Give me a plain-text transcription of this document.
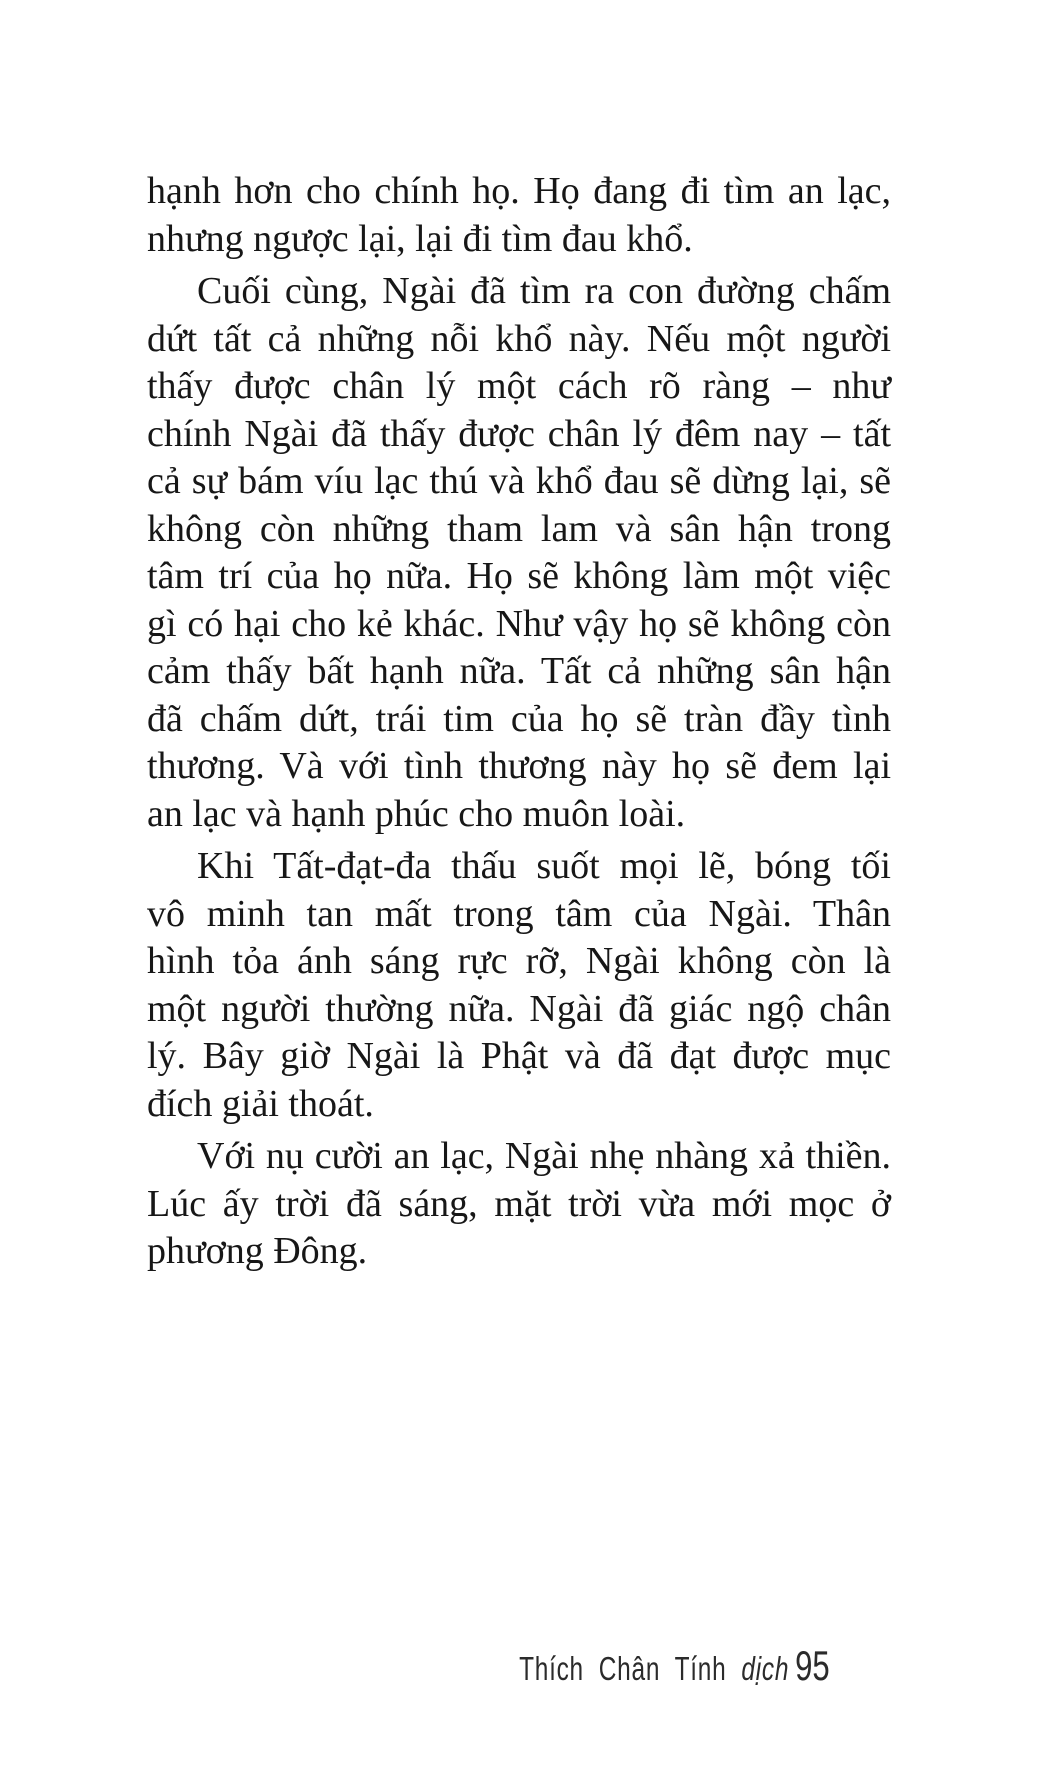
hạnh hơn cho chính họ. Họ đang đi tìm an lạc,
nhưng ngược lại, lại đi tìm đau khổ.
Cuối cùng, Ngài đã tìm ra con đường chấm
dứt tất cả những nỗi khổ này. Nếu một người
thấy được chân lý một cách rõ ràng – như
chính Ngài đã thấy được chân lý đêm nay – tất
cả sự bám víu lạc thú và khổ đau sẽ dừng lại, sẽ
không còn những tham lam và sân hận trong
tâm trí của họ nữa. Họ sẽ không làm một việc
gì có hại cho kẻ khác. Như vậy họ sẽ không còn
cảm thấy bất hạnh nữa. Tất cả những sân hận
đã chấm dứt, trái tim của họ sẽ tràn đầy tình
thương. Và với tình thương này họ sẽ đem lại
an lạc và hạnh phúc cho muôn loài.
Khi Tất-đạt-đa thấu suốt mọi lẽ, bóng tối
vô minh tan mất trong tâm của Ngài. Thân
hình tỏa ánh sáng rực rỡ, Ngài không còn là
một người thường nữa. Ngài đã giác ngộ chân
lý. Bây giờ Ngài là Phật và đã đạt được mục
đích giải thoát.
Với nụ cười an lạc, Ngài nhẹ nhàng xả thiền.
Lúc ấy trời đã sáng, mặt trời vừa mới mọc ở
phương Đông.
Thích Chân Tính dịch 95
